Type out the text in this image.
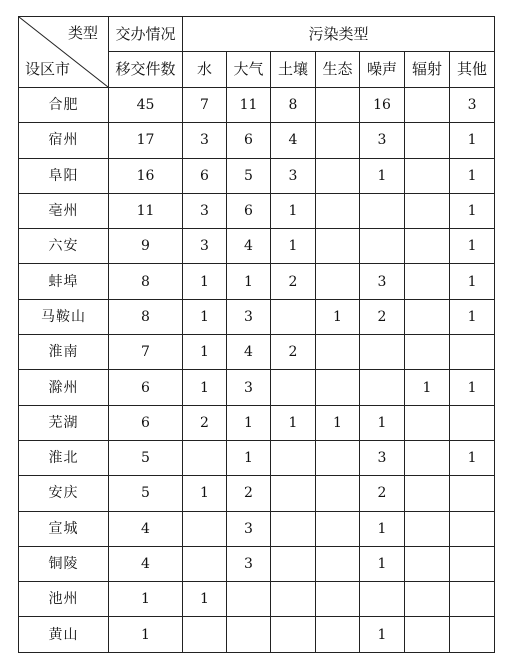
类型
设区市	交办情况	污染类型						
	移交件数	水	大气	土壤	生态	噪声	辐射	其他
合肥	45	7	11	8		16		3
宿州	17	3	6	4		3		1
阜阳	16	6	5	3		1		1
亳州	11	3	6	1				1
六安	9	3	4	1				1
蚌埠	8	1	1	2		3		1
马鞍山	8	1	3		1	2		1
淮南	7	1	4	2				
滁州	6	1	3				1	1
芜湖	6	2	1	1	1	1		
淮北	5		1			3		1
安庆	5	1	2			2		
宣城	4		3			1		
铜陵	4		3			1		
池州	1	1						
黄山	1					1		
